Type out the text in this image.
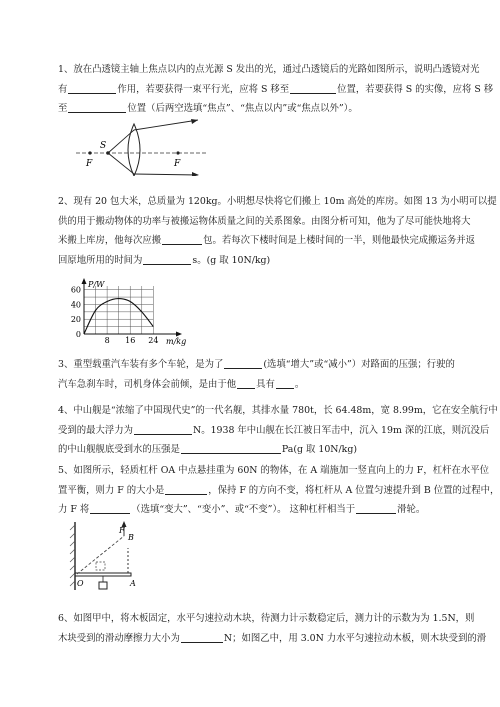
1、放在凸透镜主轴上焦点以内的点光源 S 发出的光，通过凸透镜后的光路如图所示，说明凸透镜对光

有	作用，若要获得一束平行光，应将 S 移至	位置，若要获得 S 的实像，应将 S 移

至	位置（后两空选填“焦点”、“焦点以内”或“焦点以外”）。

S
F	F

2、现有 20 包大米，总质量为 120kg。小明想尽快将它们搬上 10m 高处的库房。如图 13 为小明可以提

供的用于搬动物体的功率与被搬运物体质量之间的关系图象。由图分析可知，他为了尽可能快地将大

米搬上库房，他每次应搬	包。若每次下楼时间是上楼时间的一半，则他最快完成搬运务并返

回原地所用的时间为	s。(g 取 10N/kg)

0
20
40
60
8 16 24
P/W
m/kg

3、重型载重汽车装有多个车轮，是为了	(选填“增大”或“减小”）对路面的压强；行驶的

汽车急刹车时，司机身体会前倾，是由于他 具有 。

4、中山舰是“浓缩了中国现代史”的一代名舰，其排水量 780t，长 64.48m，宽 8.99m，它在安全航行中

受到的最大浮力为	N。1938 年中山舰在长江被日军击中，沉入 19m 深的江底，则沉没后

的中山舰舰底受到水的压强是	Pa(g 取 10N/kg)

5、如图所示，轻质杠杆 OA 中点悬挂重为 60N 的物体，在 A 端施加一竖直向上的力 F，杠杆在水平位

置平衡，则力 F 的大小是	，保持 F 的方向不变，将杠杆从 A 位置匀速提升到 B 位置的过程中，

力 F 将	（选填“变大”、“变小”、或“不变”）。 这种杠杆相当于	滑轮。

F
B
O	A

6、如图甲中，将木板固定，水平匀速拉动木块，待测力计示数稳定后，测力计的示数为为 1.5N，则

木块受到的滑动摩擦力大小为	N；如图乙中，用 3.0N 力水平匀速拉动木板，则木块受到的滑
